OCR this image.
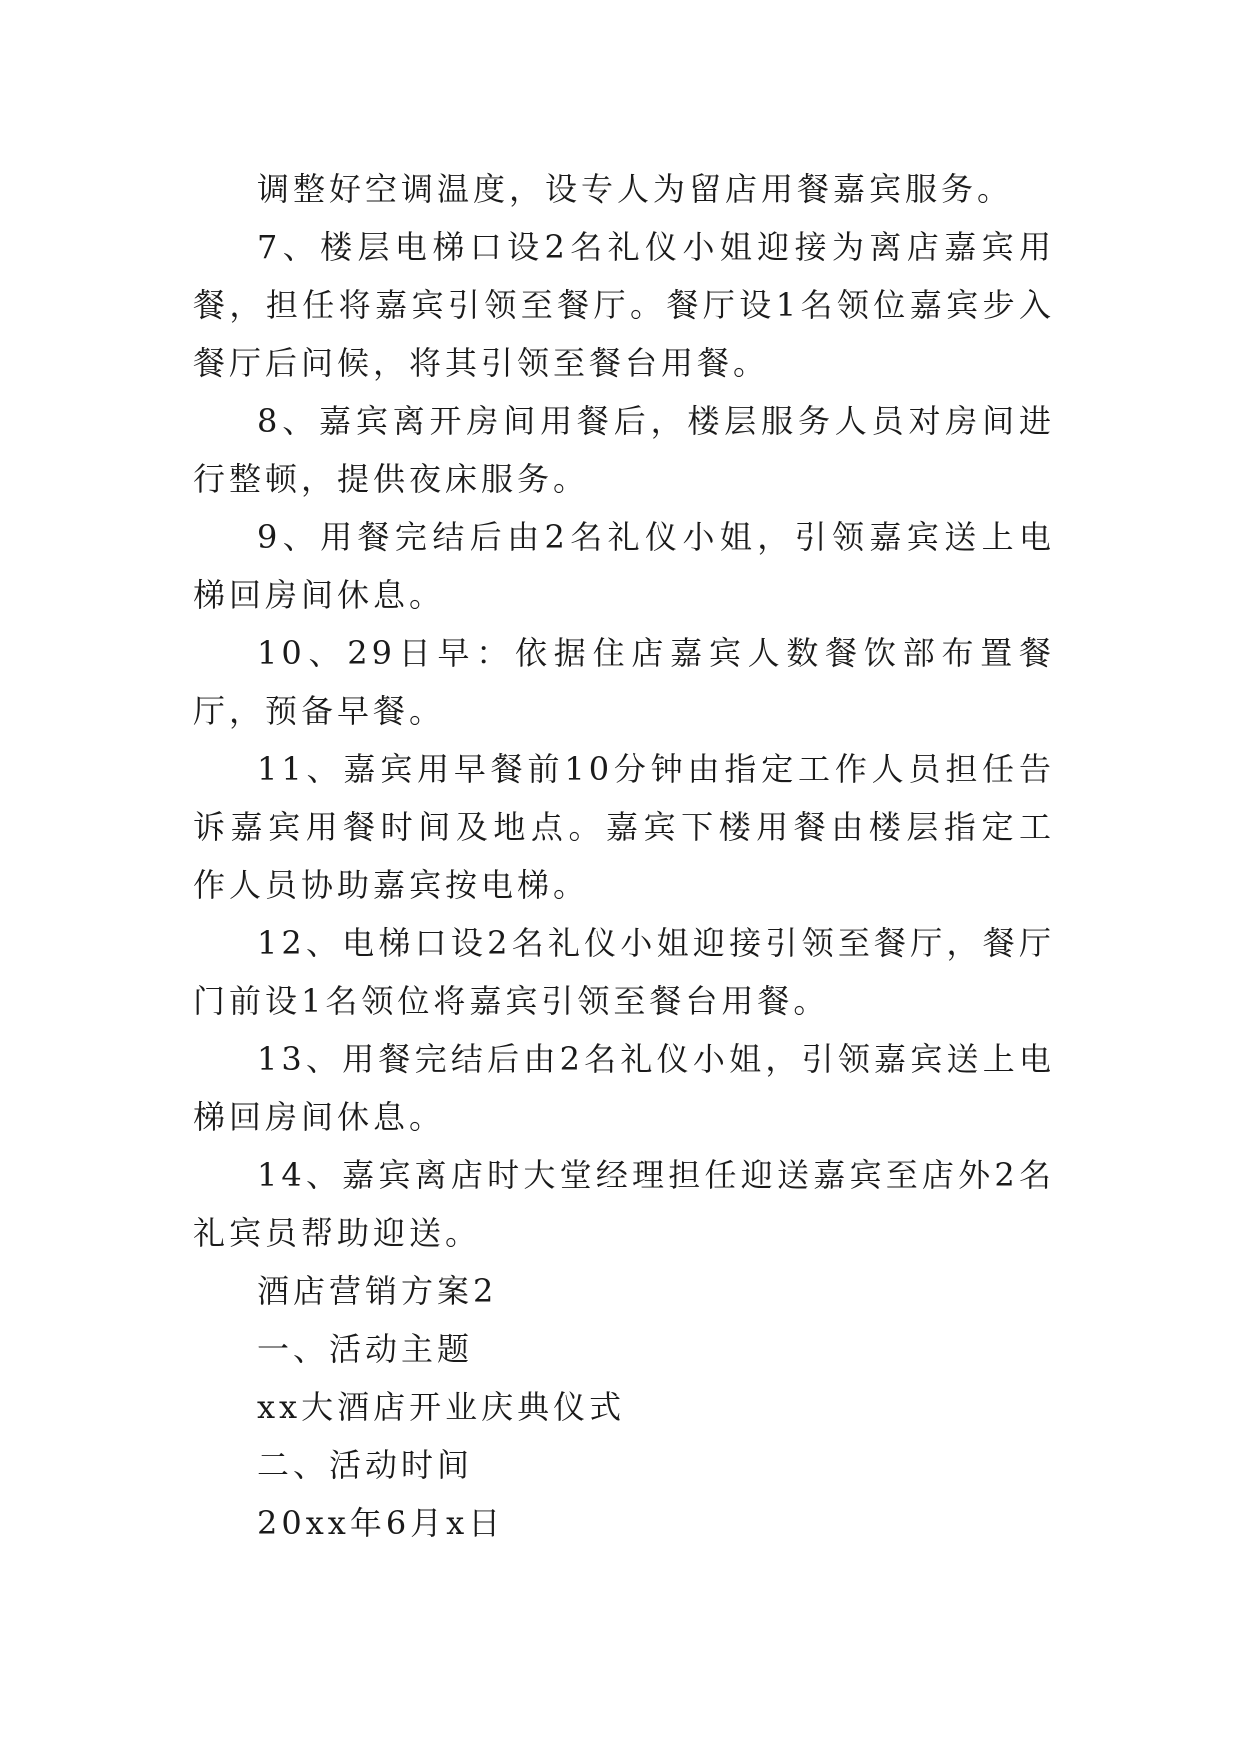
调整好空调温度，设专人为留店用餐嘉宾服务。

7、楼层电梯口设2名礼仪小姐迎接为离店嘉宾用餐，担任将嘉宾引领至餐厅。餐厅设1名领位嘉宾步入餐厅后问候，将其引领至餐台用餐。

8、嘉宾离开房间用餐后，楼层服务人员对房间进行整顿，提供夜床服务。

9、用餐完结后由2名礼仪小姐，引领嘉宾送上电梯回房间休息。

10、29日早：依据住店嘉宾人数餐饮部布置餐厅，预备早餐。

11、嘉宾用早餐前10分钟由指定工作人员担任告诉嘉宾用餐时间及地点。嘉宾下楼用餐由楼层指定工作人员协助嘉宾按电梯。

12、电梯口设2名礼仪小姐迎接引领至餐厅，餐厅门前设1名领位将嘉宾引领至餐台用餐。

13、用餐完结后由2名礼仪小姐，引领嘉宾送上电梯回房间休息。

14、嘉宾离店时大堂经理担任迎送嘉宾至店外2名礼宾员帮助迎送。

酒店营销方案2

一、活动主题

xx大酒店开业庆典仪式

二、活动时间

20xx年6月x日
